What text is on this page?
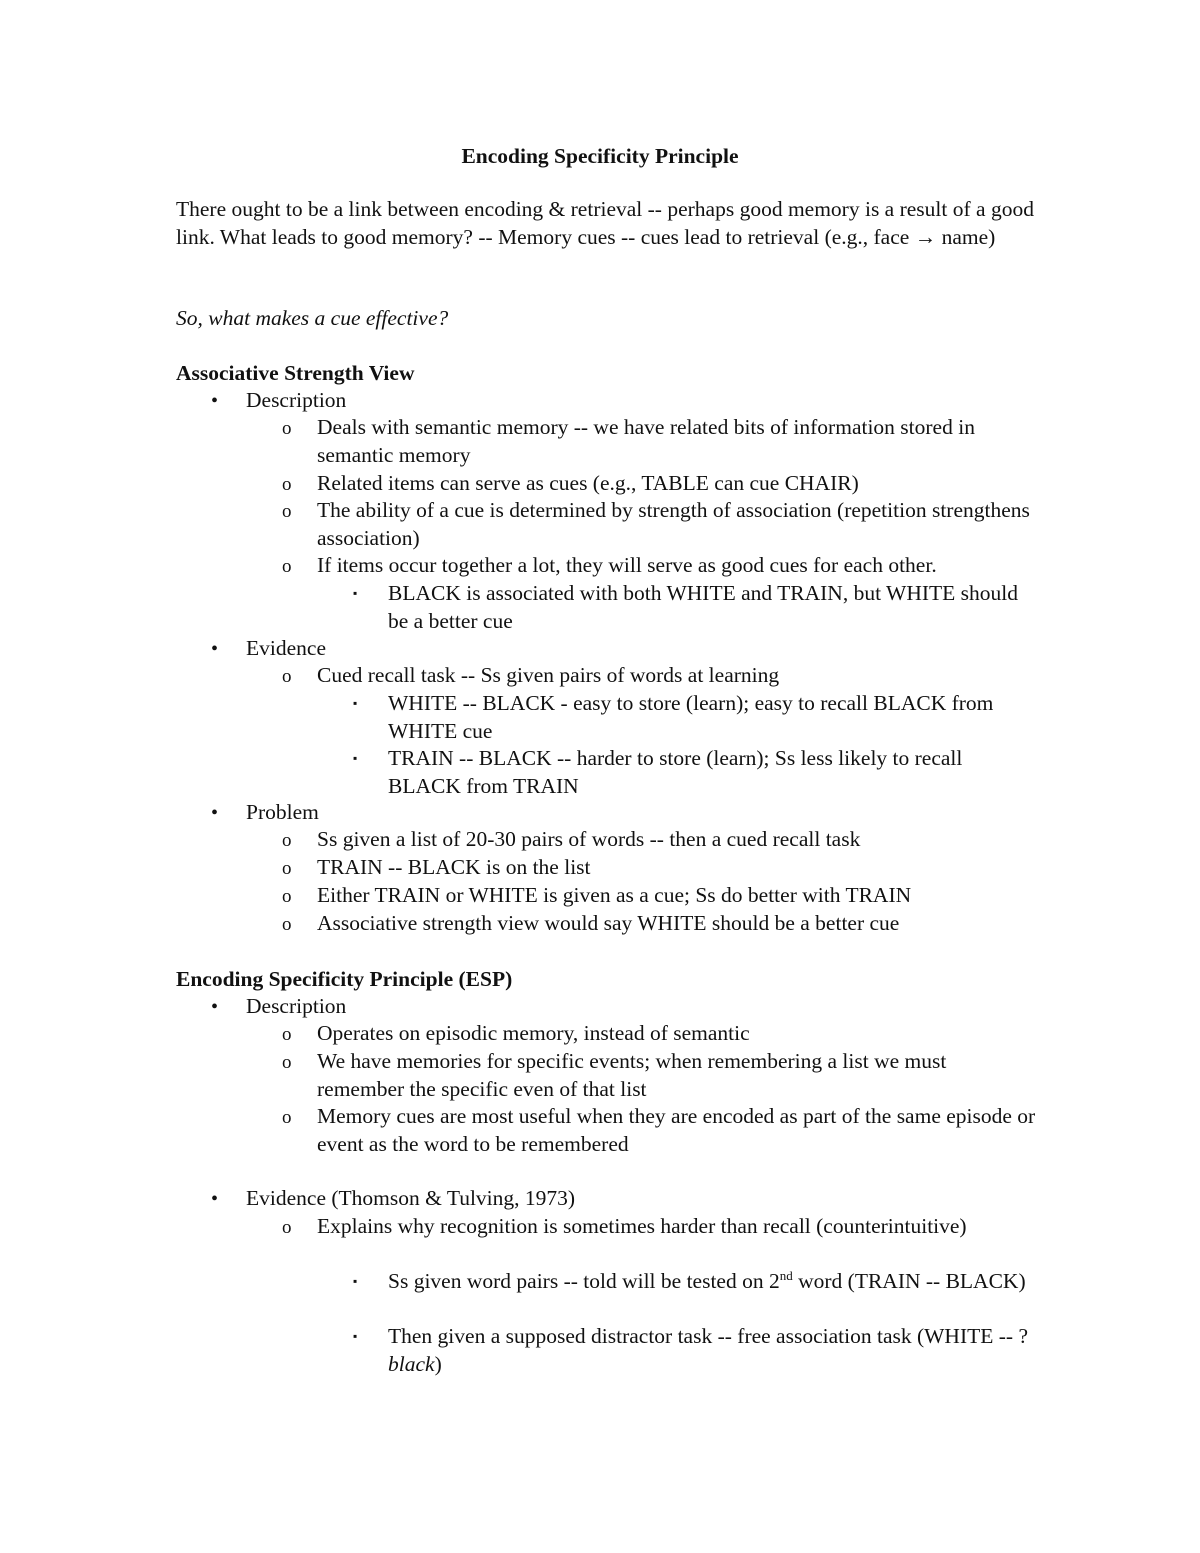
Encoding Specificity Principle
There ought to be a link between encoding & retrieval -- perhaps good memory is a result of a good link. What leads to good memory? -- Memory cues -- cues lead to retrieval (e.g., face → name)
So, what makes a cue effective?
Associative Strength View
• Description
o Deals with semantic memory -- we have related bits of information stored in semantic memory
o Related items can serve as cues (e.g., TABLE can cue CHAIR)
o The ability of a cue is determined by strength of association (repetition strengthens association)
o If items occur together a lot, they will serve as good cues for each other.
▪ BLACK is associated with both WHITE and TRAIN, but WHITE should be a better cue
• Evidence
o Cued recall task -- Ss given pairs of words at learning
▪ WHITE -- BLACK - easy to store (learn); easy to recall BLACK from WHITE cue
▪ TRAIN -- BLACK -- harder to store (learn); Ss less likely to recall BLACK from TRAIN
• Problem
o Ss given a list of 20-30 pairs of words -- then a cued recall task
o TRAIN -- BLACK is on the list
o Either TRAIN or WHITE is given as a cue; Ss do better with TRAIN
o Associative strength view would say WHITE should be a better cue
Encoding Specificity Principle (ESP)
• Description
o Operates on episodic memory, instead of semantic
o We have memories for specific events; when remembering a list we must remember the specific even of that list
o Memory cues are most useful when they are encoded as part of the same episode or event as the word to be remembered
• Evidence (Thomson & Tulving, 1973)
o Explains why recognition is sometimes harder than recall (counterintuitive)
▪ Ss given word pairs -- told will be tested on 2nd word (TRAIN -- BLACK)
▪ Then given a supposed distractor task -- free association task (WHITE -- ? black)
